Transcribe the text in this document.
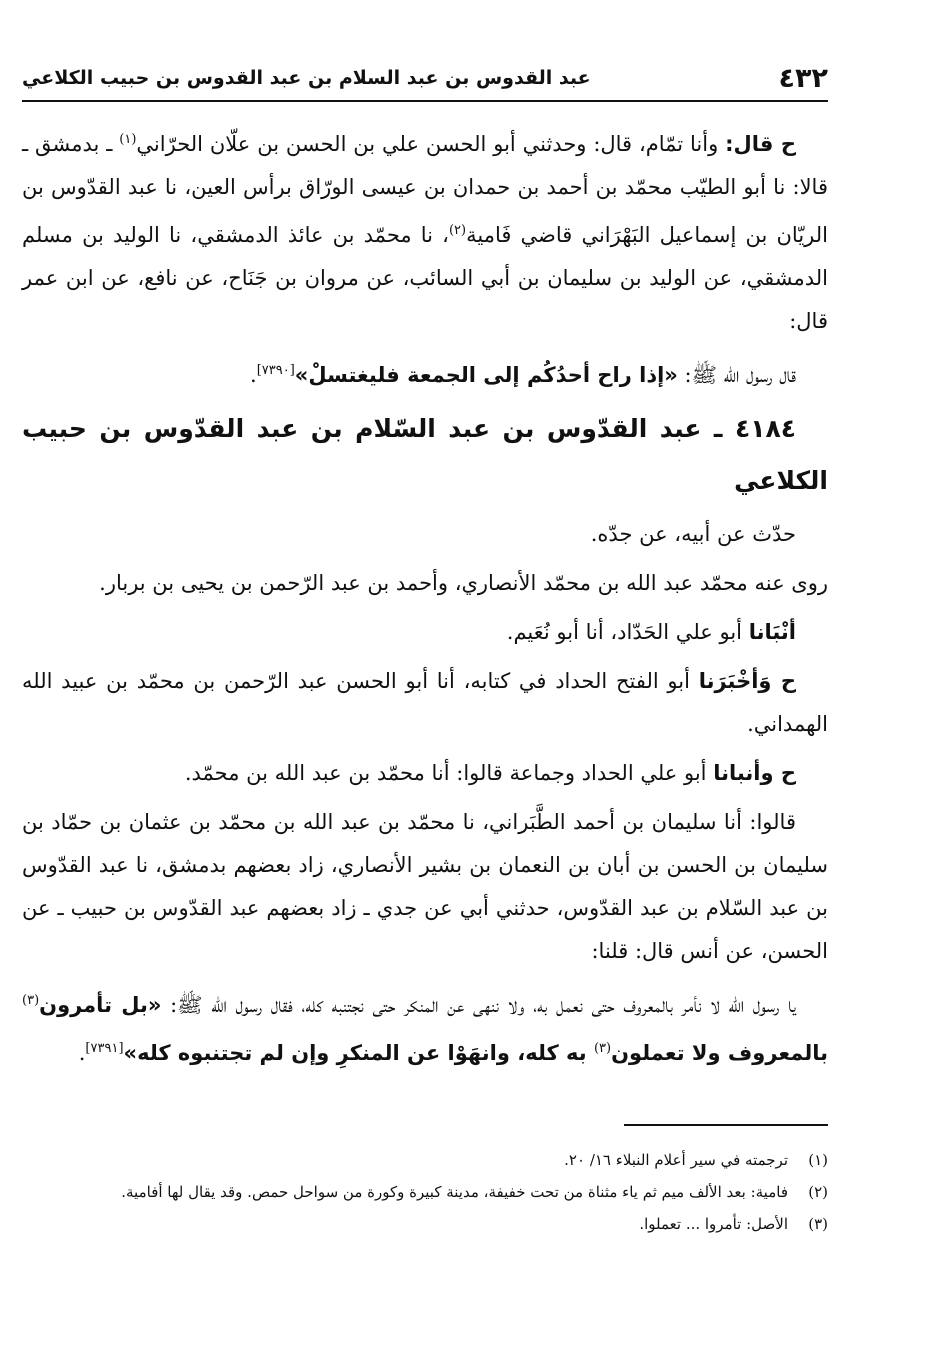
٤٣٢
عبد القدوس بن عبد السلام بن عبد القدوس بن حبيب الكلاعي

ح قال: وأنا تمّام، قال: وحدثني أبو الحسن علي بن الحسن بن علّان الحرّاني$^{(١)}$ ـ بدمشق ـ قالا: نا أبو الطيّب محمّد بن أحمد بن حمدان بن عيسى الورّاق برأس العين، نا عبد القدّوس بن الريّان بن إسماعيل البَهْرَاني قاضي فَامية$^{(٢)}$، نا محمّد بن عائذ الدمشقي، نا الوليد بن مسلم الدمشقي، عن الوليد بن سليمان بن أبي السائب، عن مروان بن جَنَاح، عن نافع، عن ابن عمر قال:

قال رسول الله ﷺ: «إذا راح أحدُكُم إلى الجمعة فليغتسلْ»[٧٣٩٠].

٤١٨٤ ـ عبد القدّوس بن عبد السّلام بن عبد القدّوس بن حبيب الكلاعي

حدّث عن أبيه، عن جدّه.

روى عنه محمّد عبد الله بن محمّد الأنصاري، وأحمد بن عبد الرّحمن بن يحيى بن بربار.

أنْبَانا أبو علي الحَدّاد، أنا أبو نُعَيم.

ح وَأخْبَرَنا أبو الفتح الحداد في كتابه، أنا أبو الحسن عبد الرّحمن بن محمّد بن عبيد الله الهمداني.

ح وأنبانا أبو علي الحداد وجماعة قالوا: أنا محمّد بن عبد الله بن محمّد.

قالوا: أنا سليمان بن أحمد الطَّبَراني، نا محمّد بن عبد الله بن محمّد بن عثمان بن حمّاد بن سليمان بن الحسن بن أبان بن النعمان بن بشير الأنصاري، زاد بعضهم بدمشق، نا عبد القدّوس بن عبد السّلام بن عبد القدّوس، حدثني أبي عن جدي ـ زاد بعضهم عبد القدّوس بن حبيب ـ عن الحسن، عن أنس قال: قلنا:

يا رسول الله لا نأمر بالمعروف حتى نعمل به، ولا ننهى عن المنكر حتى نجتنبه كله، فقال رسول الله ﷺ: «بل تأمرون$^{(٣)}$ بالمعروف ولا تعملون$^{(٣)}$ به كله، وانهَوْا عن المنكرِ وإن لم تجتنبوه كله»[٧٣٩١].

(١)
ترجمته في سير أعلام النبلاء ١٦/ ٢٠.
(٢)
فامية: بعد الألف ميم ثم ياء مثناة من تحت خفيفة، مدينة كبيرة وكورة من سواحل حمص. وقد يقال لها أفامية.
(٣)
الأصل: تأمروا ... تعملوا.
